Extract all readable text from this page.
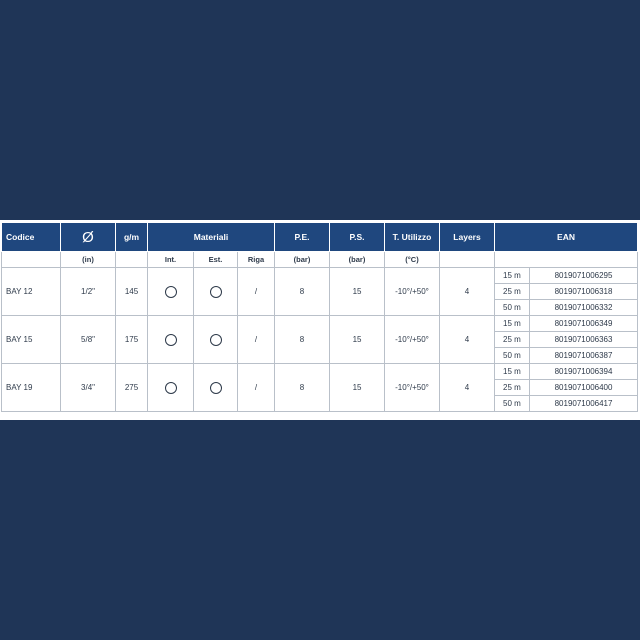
Codice	Ø	g/m	Materiali			P.E.	P.S.	T. Utilizzo	Layers	EAN	
	(in)		Int.	Est.	Riga	(bar)	(bar)	(°C)			
BAY 12	1/2"	145			/	8	15	-10°/+50°	4	15 m	8019071006295
										25 m	8019071006318
										50 m	8019071006332
BAY 15	5/8"	175			/	8	15	-10°/+50°	4	15 m	8019071006349
										25 m	8019071006363
										50 m	8019071006387
BAY 19	3/4"	275			/	8	15	-10°/+50°	4	15 m	8019071006394
										25 m	8019071006400
										50 m	8019071006417
